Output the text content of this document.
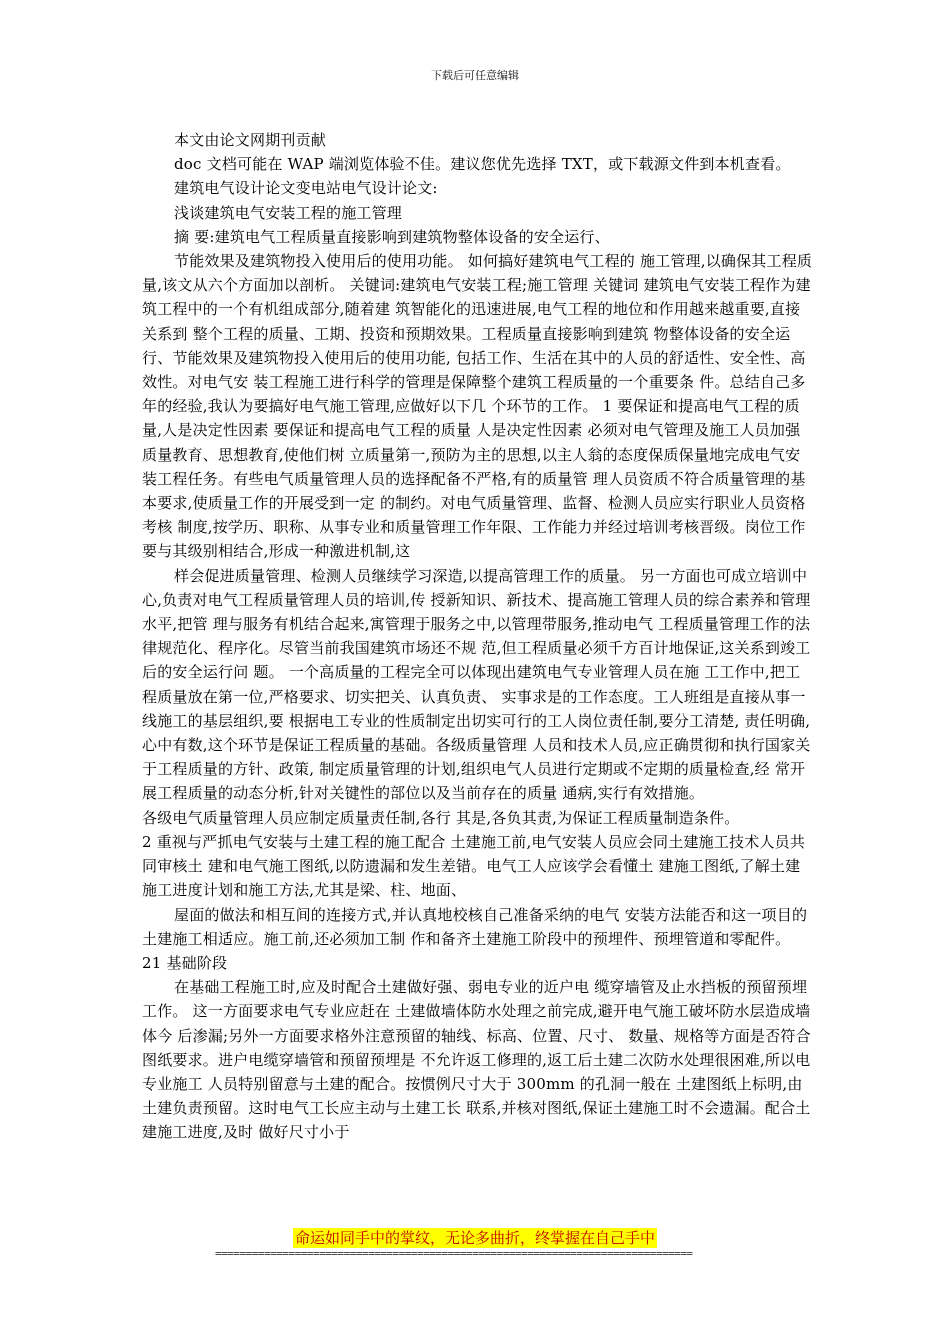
下载后可任意编辑

本文由论文网期刊贡献

doc 文档可能在 WAP 端浏览体验不佳。建议您优先选择 TXT，或下载源文件到本机查看。

建筑电气设计论文变电站电气设计论文:

浅谈建筑电气安装工程的施工管理

摘 要:建筑电气工程质量直接影响到建筑物整体设备的安全运行、

节能效果及建筑物投入使用后的使用功能。 如何搞好建筑电气工程的 施工管理,以确保其工程质量,该文从六个方面加以剖析。 关键词:建筑电气安装工程;施工管理 关键词 建筑电气安装工程作为建筑工程中的一个有机组成部分,随着建 筑智能化的迅速进展,电气工程的地位和作用越来越重要,直接关系到 整个工程的质量、工期、投资和预期效果。工程质量直接影响到建筑 物整体设备的安全运行、节能效果及建筑物投入使用后的使用功能, 包括工作、生活在其中的人员的舒适性、安全性、高效性。对电气安 装工程施工进行科学的管理是保障整个建筑工程质量的一个重要条 件。总结自己多年的经验,我认为要搞好电气施工管理,应做好以下几 个环节的工作。 1 要保证和提高电气工程的质量,人是决定性因素 要保证和提高电气工程的质量 人是决定性因素 必须对电气管理及施工人员加强质量教育、思想教育,使他们树 立质量第一,预防为主的思想,以主人翁的态度保质保量地完成电气安装工程任务。有些电气质量管理人员的选择配备不严格,有的质量管 理人员资质不符合质量管理的基本要求,使质量工作的开展受到一定 的制约。对电气质量管理、监督、检测人员应实行职业人员资格考核 制度,按学历、职称、从事专业和质量管理工作年限、工作能力并经过培训考核晋级。岗位工作要与其级别相结合,形成一种激进机制,这

样会促进质量管理、检测人员继续学习深造,以提高管理工作的质量。 另一方面也可成立培训中心,负责对电气工程质量管理人员的培训,传 授新知识、新技术、提高施工管理人员的综合素养和管理水平,把管 理与服务有机结合起来,寓管理于服务之中,以管理带服务,推动电气 工程质量管理工作的法律规范化、程序化。尽管当前我国建筑市场还不规 范,但工程质量必须千方百计地保证,这关系到竣工后的安全运行问 题。 一个高质量的工程完全可以体现出建筑电气专业管理人员在施 工工作中,把工程质量放在第一位,严格要求、切实把关、认真负责、 实事求是的工作态度。工人班组是直接从事一线施工的基层组织,要 根据电工专业的性质制定出切实可行的工人岗位责任制,要分工清楚, 责任明确,心中有数,这个环节是保证工程质量的基础。各级质量管理 人员和技术人员,应正确贯彻和执行国家关于工程质量的方针、政策, 制定质量管理的计划,组织电气人员进行定期或不定期的质量检查,经 常开展工程质量的动态分析,针对关键性的部位以及当前存在的质量 通病,实行有效措施。

各级电气质量管理人员应制定质量责任制,各行 其是,各负其责,为保证工程质量制造条件。

2 重视与严抓电气安装与土建工程的施工配合 土建施工前,电气安装人员应会同土建施工技术人员共同审核土 建和电气施工图纸,以防遗漏和发生差错。电气工人应该学会看懂土 建施工图纸,了解土建施工进度计划和施工方法,尤其是梁、柱、地面、

屋面的做法和相互间的连接方式,并认真地校核自己准备采纳的电气 安装方法能否和这一项目的土建施工相适应。施工前,还必须加工制 作和备齐土建施工阶段中的预埋件、预埋管道和零配件。 21 基础阶段

在基础工程施工时,应及时配合土建做好强、弱电专业的近户电 缆穿墙管及止水挡板的预留预埋工作。 这一方面要求电气专业应赶在 土建做墙体防水处理之前完成,避开电气施工破坏防水层造成墙体今 后渗漏;另外一方面要求格外注意预留的轴线、标高、位置、尺寸、 数量、规格等方面是否符合图纸要求。进户电缆穿墙管和预留预埋是 不允许返工修理的,返工后土建二次防水处理很困难,所以电专业施工 人员特别留意与土建的配合。按惯例尺寸大于 300mm 的孔洞一般在 土建图纸上标明,由土建负责预留。这时电气工长应主动与土建工长 联系,并核对图纸,保证土建施工时不会遗漏。配合土建施工进度,及时 做好尺寸小于

命运如同手中的掌纹，无论多曲折，终掌握在自己手中
==============================================================================
